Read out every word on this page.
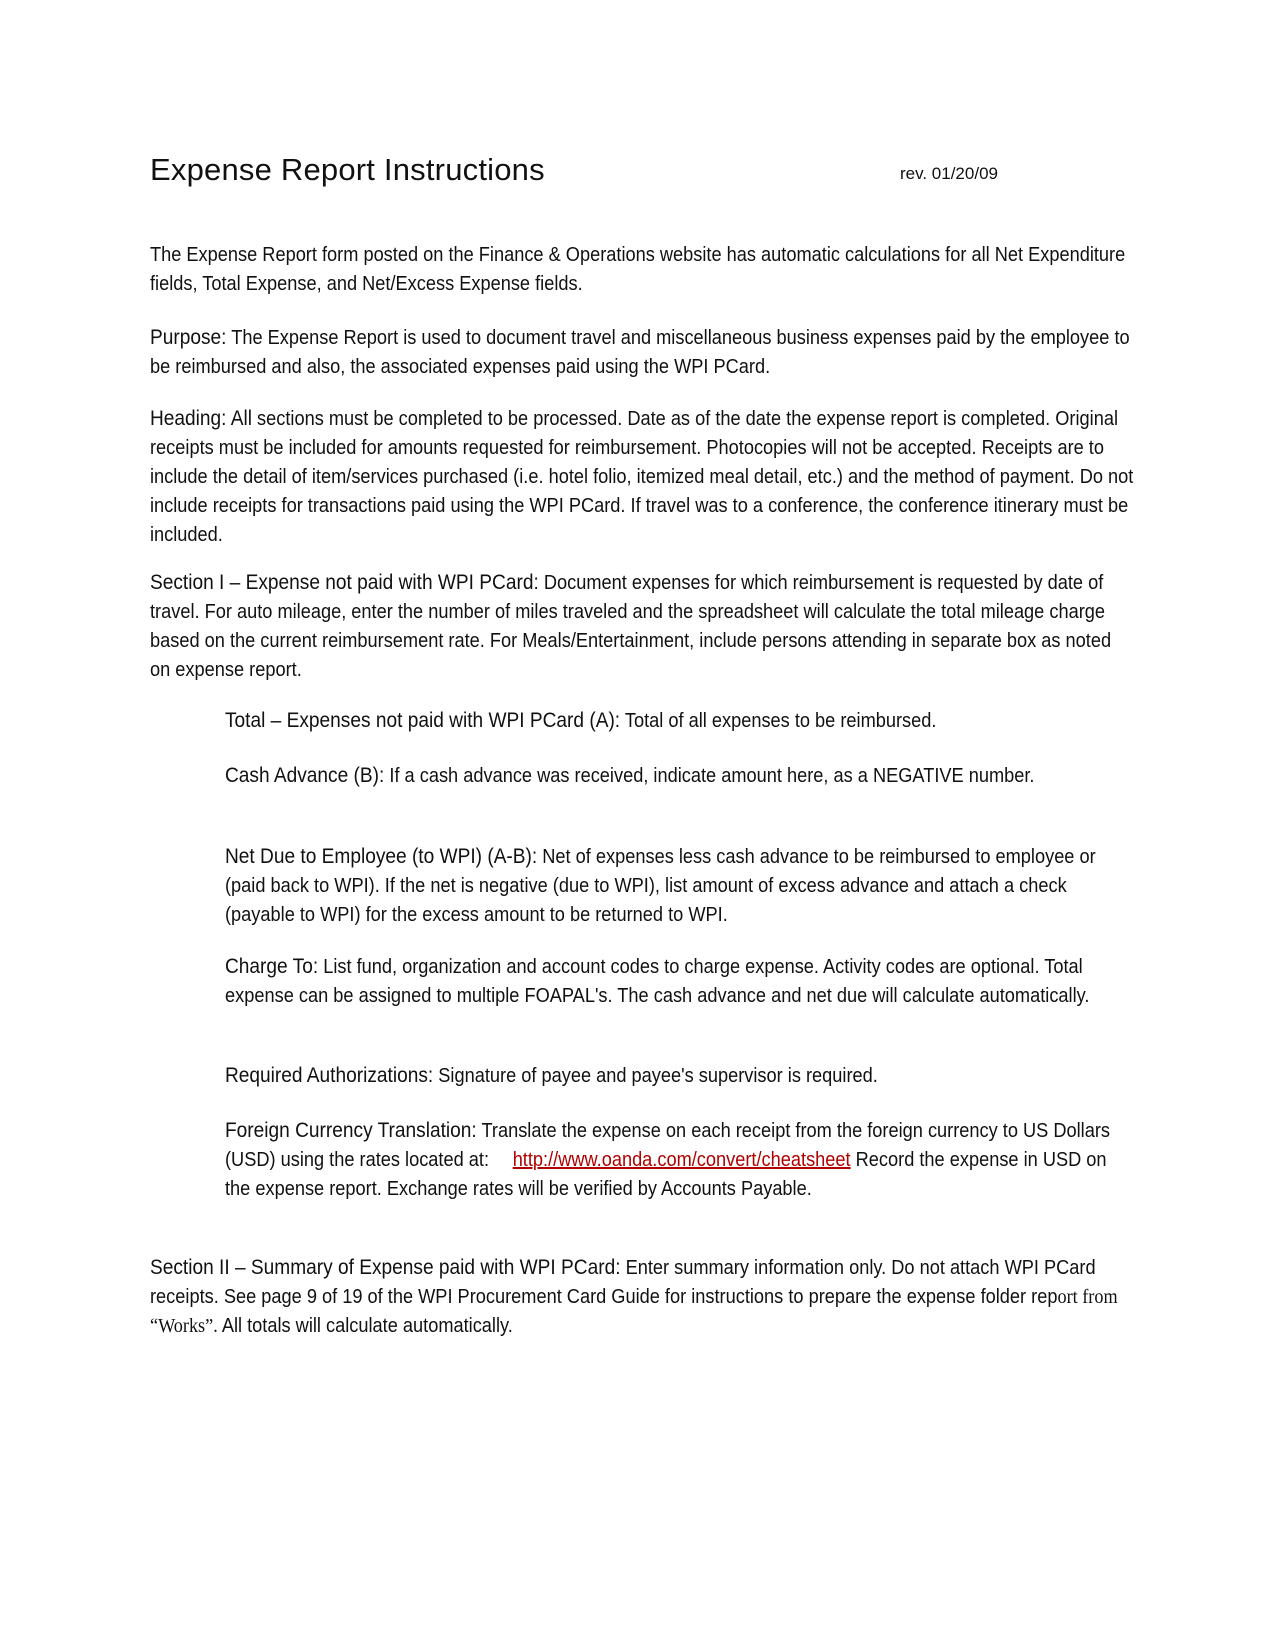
Expense Report Instructions	rev. 01/20/09

The Expense Report form posted on the Finance & Operations website has automatic calculations for all Net Expenditure fields, Total Expense, and Net/Excess Expense fields.

Purpose: The Expense Report is used to document travel and miscellaneous business expenses paid by the employee to be reimbursed and also, the associated expenses paid using the WPI PCard.

Heading: All sections must be completed to be processed. Date as of the date the expense report is completed. Original receipts must be included for amounts requested for reimbursement. Photocopies will not be accepted. Receipts are to include the detail of item/services purchased (i.e. hotel folio, itemized meal detail, etc.) and the method of payment. Do not include receipts for transactions paid using the WPI PCard. If travel was to a conference, the conference itinerary must be included.

Section I – Expense not paid with WPI PCard: Document expenses for which reimbursement is requested by date of travel. For auto mileage, enter the number of miles traveled and the spreadsheet will calculate the total mileage charge based on the current reimbursement rate. For Meals/Entertainment, include persons attending in separate box as noted on expense report.

Total – Expenses not paid with WPI PCard (A): Total of all expenses to be reimbursed.

Cash Advance (B): If a cash advance was received, indicate amount here, as a NEGATIVE number.

Net Due to Employee (to WPI) (A-B): Net of expenses less cash advance to be reimbursed to employee or (paid back to WPI). If the net is negative (due to WPI), list amount of excess advance and attach a check (payable to WPI) for the excess amount to be returned to WPI.

Charge To: List fund, organization and account codes to charge expense. Activity codes are optional. Total expense can be assigned to multiple FOAPAL's. The cash advance and net due will calculate automatically.

Required Authorizations: Signature of payee and payee's supervisor is required.

Foreign Currency Translation: Translate the expense on each receipt from the foreign currency to US Dollars (USD) using the rates located at: http://www.oanda.com/convert/cheatsheet Record the expense in USD on the expense report. Exchange rates will be verified by Accounts Payable.

Section II – Summary of Expense paid with WPI PCard: Enter summary information only. Do not attach WPI PCard receipts. See page 9 of 19 of the WPI Procurement Card Guide for instructions to prepare the expense folder report from “Works”. All totals will calculate automatically.
